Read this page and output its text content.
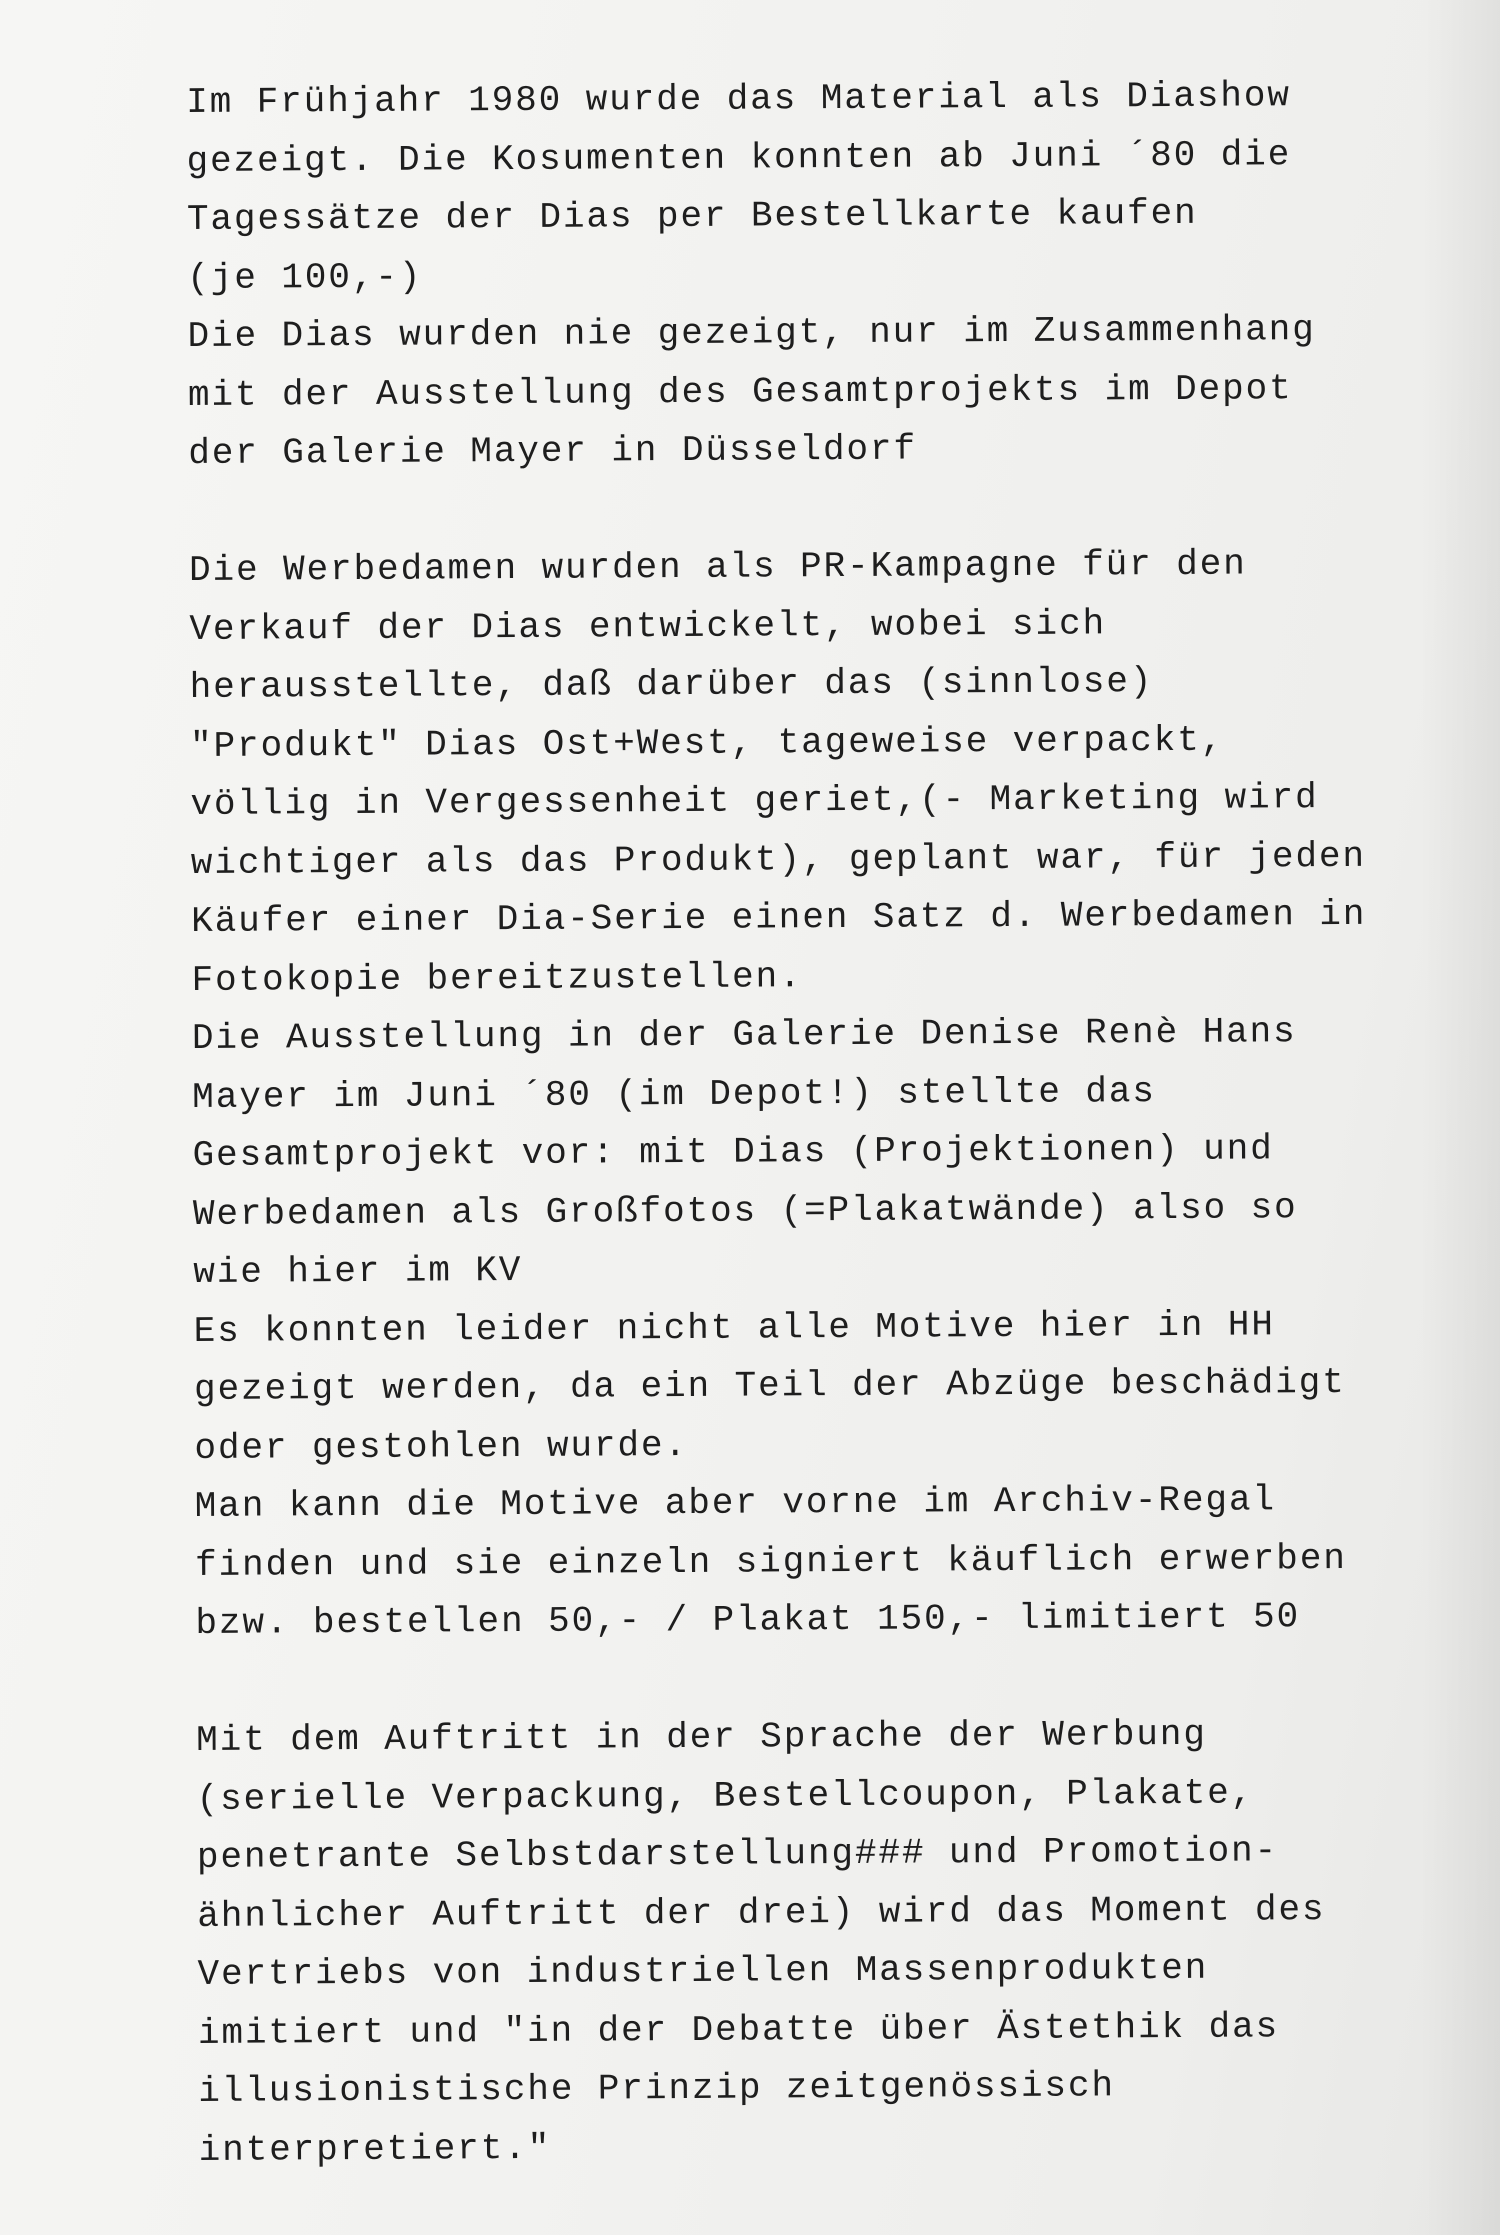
Im Frühjahr 1980 wurde das Material als Diashow
gezeigt. Die Kosumenten konnten ab Juni ´80 die
Tagessätze der Dias per Bestellkarte kaufen
(je 100,-)
Die Dias wurden nie gezeigt, nur im Zusammenhang
mit der Ausstellung des Gesamtprojekts im Depot
der Galerie Mayer in Düsseldorf
Die Werbedamen wurden als PR-Kampagne für den
Verkauf der Dias entwickelt, wobei sich
herausstellte, daß darüber das (sinnlose)
"Produkt" Dias Ost+West, tageweise verpackt,
völlig in Vergessenheit geriet,(- Marketing wird
wichtiger als das Produkt), geplant war, für jeden
Käufer einer Dia-Serie einen Satz d. Werbedamen in
Fotokopie bereitzustellen.
Die Ausstellung in der Galerie Denise Renè Hans
Mayer im Juni ´80 (im Depot!) stellte das
Gesamtprojekt vor: mit Dias (Projektionen) und
Werbedamen als Großfotos (=Plakatwände) also so
wie hier im KV
Es konnten leider nicht alle Motive hier in HH
gezeigt werden, da ein Teil der Abzüge beschädigt
oder gestohlen wurde.
Man kann die Motive aber vorne im Archiv-Regal
finden und sie einzeln signiert käuflich erwerben
bzw. bestellen 50,- / Plakat 150,- limitiert 50
Mit dem Auftritt in der Sprache der Werbung
(serielle Verpackung, Bestellcoupon, Plakate,
penetrante Selbstdarstellung### und Promotion-
ähnlicher Auftritt der drei) wird das Moment des
Vertriebs von industriellen Massenprodukten
imitiert und "in der Debatte über Ästethik das
illusionistische Prinzip zeitgenössisch
interpretiert."
